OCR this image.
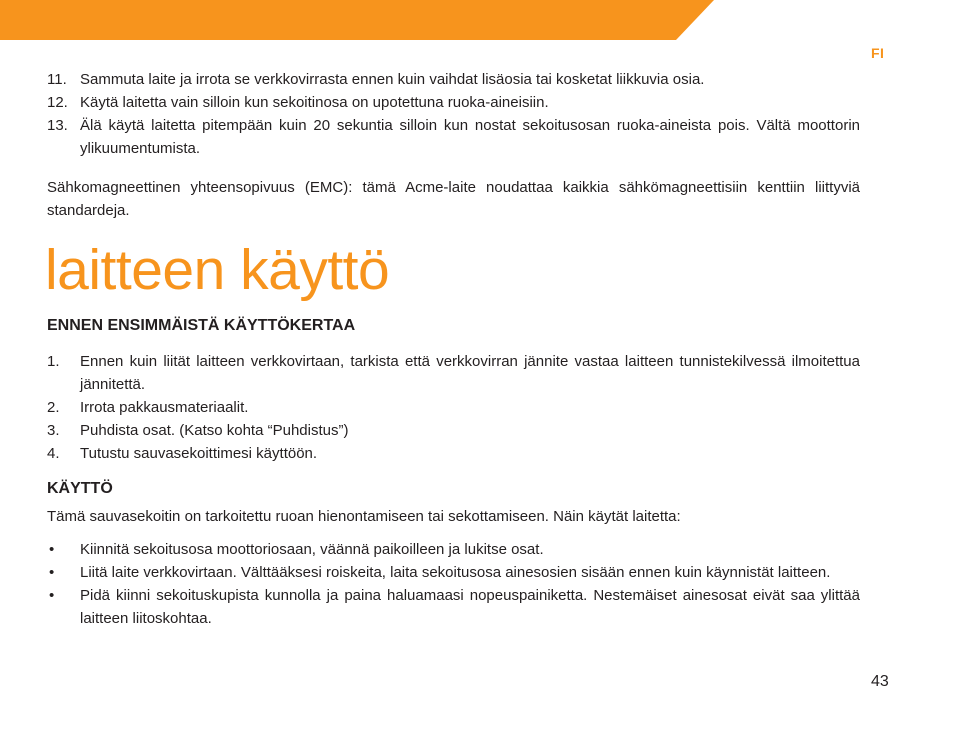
FI
11. Sammuta laite ja irrota se verkkovirrasta ennen kuin vaihdat lisäosia tai kosketat liikkuvia osia.
12. Käytä laitetta vain silloin kun sekoitinosa on upotettuna ruoka-aineisiin.
13. Älä käytä laitetta pitempään kuin 20 sekuntia silloin kun nostat sekoitusosan ruoka-aineista pois. Vältä moottorin ylikuumentumista.

Sähkomagneettinen yhteensopivuus (EMC): tämä Acme-laite noudattaa kaikkia sähkömagneettisiin kenttiin liittyviä standardeja.

laitteen käyttö
ENNEN ENSIMMÄISTÄ KÄYTTÖKERTAA
1. Ennen kuin liität laitteen verkkovirtaan, tarkista että verkkovirran jännite vastaa laitteen tunnistekilvessä ilmoitettua jännitettä.
2. Irrota pakkausmateriaalit.
3. Puhdista osat. (Katso kohta “Puhdistus”)
4. Tutustu sauvasekoittimesi käyttöön.
KÄYTTÖ

Tämä sauvasekoitin on tarkoitettu ruoan hienontamiseen tai sekottamiseen. Näin käytät laitetta:

• Kiinnitä sekoitusosa moottoriosaan, väännä paikoilleen ja lukitse osat.
• Liitä laite verkkovirtaan. Välttääksesi roiskeita, laita sekoitusosa ainesosien sisään ennen kuin käynnistät laitteen.
• Pidä kiinni sekoituskupista kunnolla ja paina haluamaasi nopeuspainiketta. Nestemäiset ainesosat eivät saa ylittää laitteen liitoskohtaa.
43
